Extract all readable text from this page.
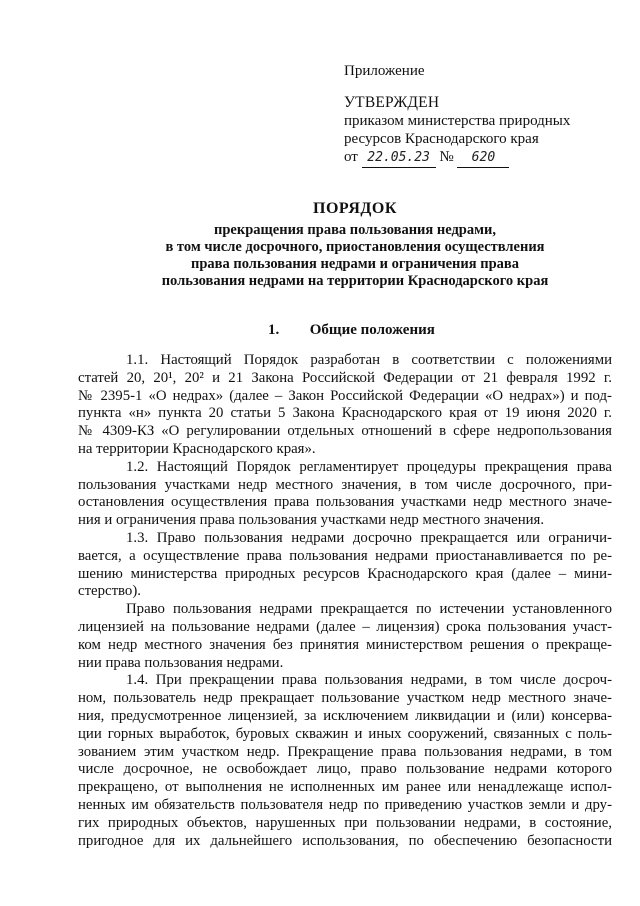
Приложение
УТВЕРЖДЕН
приказом министерства природных
ресурсов Краснодарского края
от 22.05.23 № 620
ПОРЯДОК
прекращения права пользования недрами,
в том числе досрочного, приостановления осуществления
права пользования недрами и ограничения права
пользования недрами на территории Краснодарского края
1. Общие положения

1.1. Настоящий Порядок разработан в соответствии с положениями
статей 20, 20¹, 20² и 21 Закона Российской Федерации от 21 февраля 1992 г.
№ 2395-1 «О недрах» (далее – Закон Российской Федерации «О недрах») и под-
пункта «н» пункта 20 статьи 5 Закона Краснодарского края от 19 июня 2020 г.
№ 4309-КЗ «О регулировании отдельных отношений в сфере недропользования
на территории Краснодарского края».

1.2. Настоящий Порядок регламентирует процедуры прекращения права
пользования участками недр местного значения, в том числе досрочного, при-
остановления осуществления права пользования участками недр местного значе-
ния и ограничения права пользования участками недр местного значения.

1.3. Право пользования недрами досрочно прекращается или ограничи-
вается, а осуществление права пользования недрами приостанавливается по ре-
шению министерства природных ресурсов Краснодарского края (далее – мини-
стерство).

Право пользования недрами прекращается по истечении установленного
лицензией на пользование недрами (далее – лицензия) срока пользования участ-
ком недр местного значения без принятия министерством решения о прекраще-
нии права пользования недрами.

1.4. При прекращении права пользования недрами, в том числе досроч-
ном, пользователь недр прекращает пользование участком недр местного значе-
ния, предусмотренное лицензией, за исключением ликвидации и (или) консерва-
ции горных выработок, буровых скважин и иных сооружений, связанных с поль-
зованием этим участком недр. Прекращение права пользования недрами, в том
числе досрочное, не освобождает лицо, право пользование недрами которого
прекращено, от выполнения не исполненных им ранее или ненадлежаще испол-
ненных им обязательств пользователя недр по приведению участков земли и дру-
гих природных объектов, нарушенных при пользовании недрами, в состояние,
пригодное для их дальнейшего использования, по обеспечению безопасности
